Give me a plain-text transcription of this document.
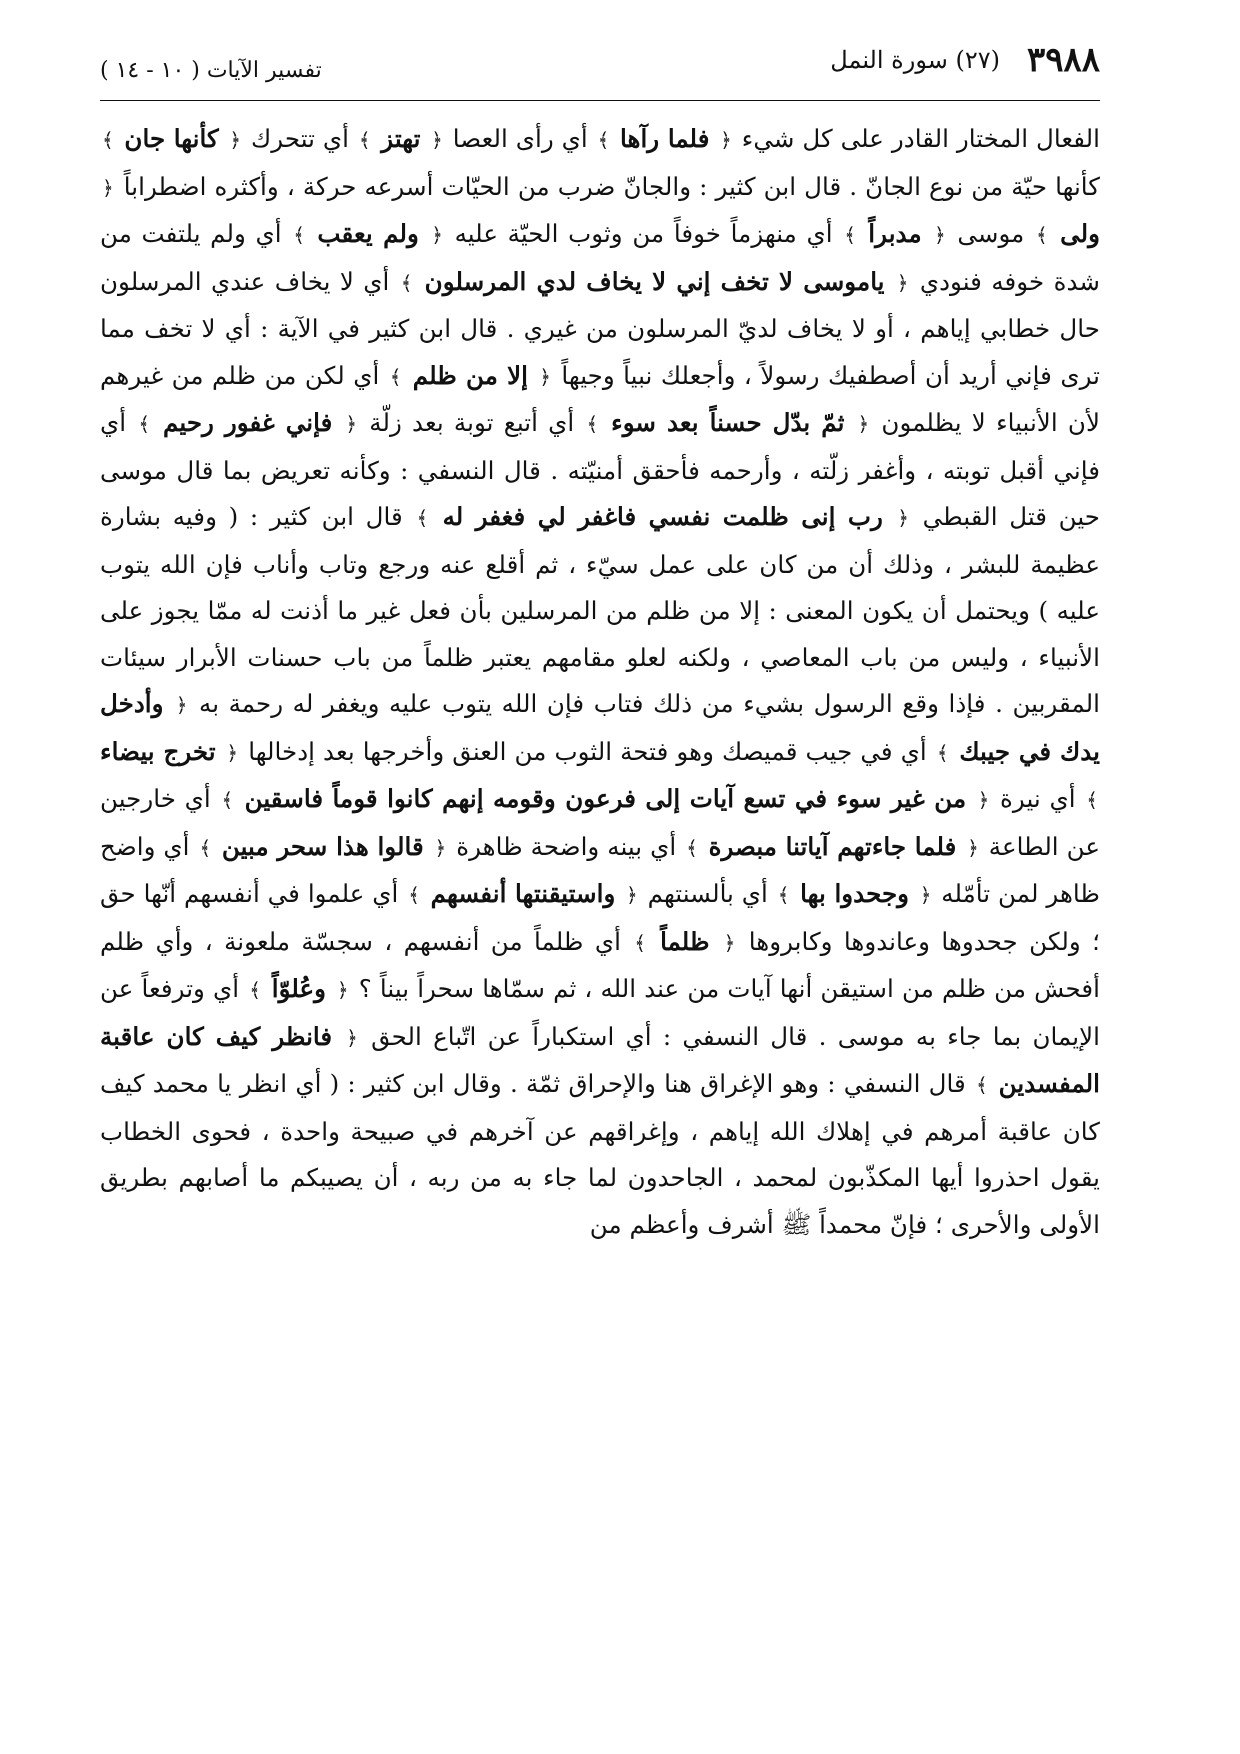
٣٩٨٨
(٢٧) سورة النمل
تفسير الآيات ( ١٠ - ١٤ )

الفعال المختار القادر على كل شيء ﴿ فلما رآها ﴾ أي رأى العصا ﴿ تهتز ﴾ أي تتحرك ﴿ كأنها جان ﴾ كأنها حيّة من نوع الجانّ . قال ابن كثير : والجانّ ضرب من الحيّات أسرعه حركة ، وأكثره اضطراباً ﴿ ولى ﴾ موسى ﴿ مدبراً ﴾ أي منهزماً خوفاً من وثوب الحيّة عليه ﴿ ولم يعقب ﴾ أي ولم يلتفت من شدة خوفه فنودي ﴿ ياموسى لا تخف إني لا يخاف لدي المرسلون ﴾ أي لا يخاف عندي المرسلون حال خطابي إياهم ، أو لا يخاف لديّ المرسلون من غيري . قال ابن كثير في الآية : أي لا تخف مما ترى فإني أريد أن أصطفيك رسولاً ، وأجعلك نبياً وجيهاً ﴿ إلا من ظلم ﴾ أي لكن من ظلم من غيرهم لأن الأنبياء لا يظلمون ﴿ ثمّ بدّل حسناً بعد سوء ﴾ أي أتبع توبة بعد زلّة ﴿ فإني غفور رحيم ﴾ أي فإني أقبل توبته ، وأغفر زلّته ، وأرحمه فأحقق أمنيّته . قال النسفي : وكأنه تعريض بما قال موسى حين قتل القبطي ﴿ رب إنى ظلمت نفسي فاغفر لي فغفر له ﴾ قال ابن كثير : ( وفيه بشارة عظيمة للبشر ، وذلك أن من كان على عمل سيّء ، ثم أقلع عنه ورجع وتاب وأناب فإن الله يتوب عليه ) ويحتمل أن يكون المعنى : إلا من ظلم من المرسلين بأن فعل غير ما أذنت له ممّا يجوز على الأنبياء ، وليس من باب المعاصي ، ولكنه لعلو مقامهم يعتبر ظلماً من باب حسنات الأبرار سيئات المقربين . فإذا وقع الرسول بشيء من ذلك فتاب فإن الله يتوب عليه ويغفر له رحمة به ﴿ وأدخل يدك في جيبك ﴾ أي في جيب قميصك وهو فتحة الثوب من العنق وأخرجها بعد إدخالها ﴿ تخرج بيضاء ﴾ أي نيرة ﴿ من غير سوء في تسع آيات إلى فرعون وقومه إنهم كانوا قوماً فاسقين ﴾ أي خارجين عن الطاعة ﴿ فلما جاءتهم آياتنا مبصرة ﴾ أي بينه واضحة ظاهرة ﴿ قالوا هذا سحر مبين ﴾ أي واضح ظاهر لمن تأمّله ﴿ وجحدوا بها ﴾ أي بألسنتهم ﴿ واستيقنتها أنفسهم ﴾ أي علموا في أنفسهم أنّها حق ؛ ولكن جحدوها وعاندوها وكابروها ﴿ ظلماً ﴾ أي ظلماً من أنفسهم ، سجسّة ملعونة ، وأي ظلم أفحش من ظلم من استيقن أنها آيات من عند الله ، ثم سمّاها سحراً بيناً ؟ ﴿ وعُلوّاً ﴾ أي وترفعاً عن الإيمان بما جاء به موسى . قال النسفي : أي استكباراً عن اتّباع الحق ﴿ فانظر كيف كان عاقبة المفسدين ﴾ قال النسفي : وهو الإغراق هنا والإحراق ثمّة . وقال ابن كثير : ( أي انظر يا محمد كيف كان عاقبة أمرهم في إهلاك الله إياهم ، وإغراقهم عن آخرهم في صبيحة واحدة ، فحوى الخطاب يقول احذروا أيها المكذّبون لمحمد ، الجاحدون لما جاء به من ربه ، أن يصيبكم ما أصابهم بطريق الأولى والأحرى ؛ فإنّ محمداً ﷺ أشرف وأعظم من
